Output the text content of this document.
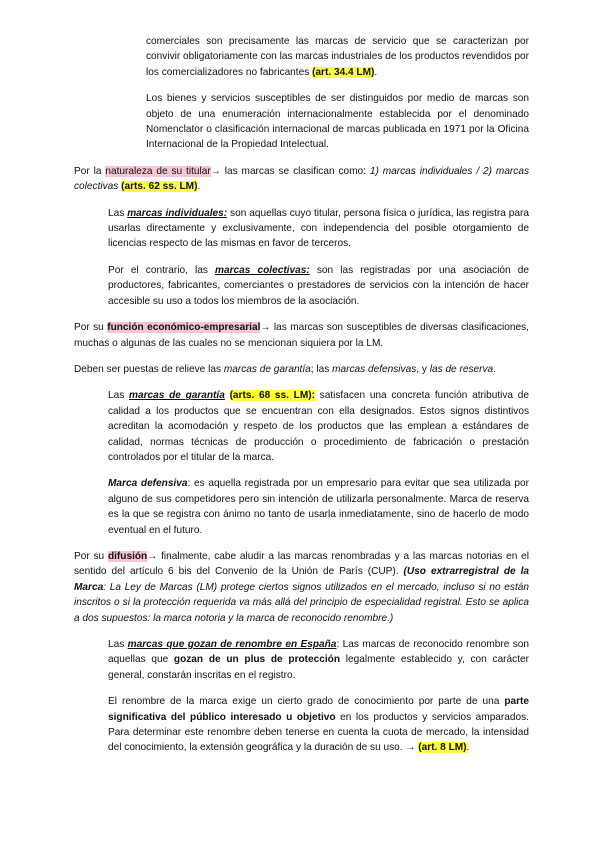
comerciales son precisamente las marcas de servicio que se caracterizan por convivir obligatoriamente con las marcas industriales de los productos revendidos por los comercializadores no fabricantes (art. 34.4 LM).

Los bienes y servicios susceptibles de ser distinguidos por medio de marcas son objeto de una enumeración internacionalmente establecida por el denominado Nomenclator o clasificación internacional de marcas publicada en 1971 por la Oficina Internacional de la Propiedad Intelectual.

Por la naturaleza de su titular→ las marcas se clasifican como: 1) marcas individuales / 2) marcas colectivas (arts. 62 ss. LM).

Las marcas individuales: son aquellas cuyo titular, persona física o jurídica, las registra para usarlas directamente y exclusivamente, con independencia del posible otorgamiento de licencias respecto de las mismas en favor de terceros.

Por el contrario, las marcas colectivas: son las registradas por una asociación de productores, fabricantes, comerciantes o prestadores de servicios con la intención de hacer accesible su uso a todos los miembros de la asociación.

Por su función económico-empresarial→ las marcas son susceptibles de diversas clasificaciones, muchas o algunas de las cuales no se mencionan siquiera por la LM.

Deben ser puestas de relieve las marcas de garantía; las marcas defensivas, y las de reserva.

Las marcas de garantía (arts. 68 ss. LM): satisfacen una concreta función atributiva de calidad a los productos que se encuentran con ella designados. Estos signos distintivos acreditan la acomodación y respeto de los productos que las emplean a estándares de calidad, normas técnicas de producción o procedimiento de fabricación o prestación controlados por el titular de la marca.

Marca defensiva: es aquella registrada por un empresario para evitar que sea utilizada por alguno de sus competidores pero sin intención de utilizarla personalmente. Marca de reserva es la que se registra con ánimo no tanto de usarla inmediatamente, sino de hacerlo de modo eventual en el futuro.

Por su difusión→ finalmente, cabe aludir a las marcas renombradas y a las marcas notorias en el sentido del artículo 6 bis del Convenio de la Unión de París (CUP). (Uso extrarregistral de la Marca: La Ley de Marcas (LM) protege ciertos signos utilizados en el mercado, incluso si no están inscritos o si la protección requerida va más allá del principio de especialidad registral. Esto se aplica a dos supuestos: la marca notoria y la marca de reconocido renombre.)

Las marcas que gozan de renombre en España: Las marcas de reconocido renombre son aquellas que gozan de un plus de protección legalmente establecido y, con carácter general, constarán inscritas en el registro.

El renombre de la marca exige un cierto grado de conocimiento por parte de una parte significativa del público interesado u objetivo en los productos y servicios amparados. Para determinar este renombre deben tenerse en cuenta la cuota de mercado, la intensidad del conocimiento, la extensión geográfica y la duración de su uso. → (art. 8 LM).
